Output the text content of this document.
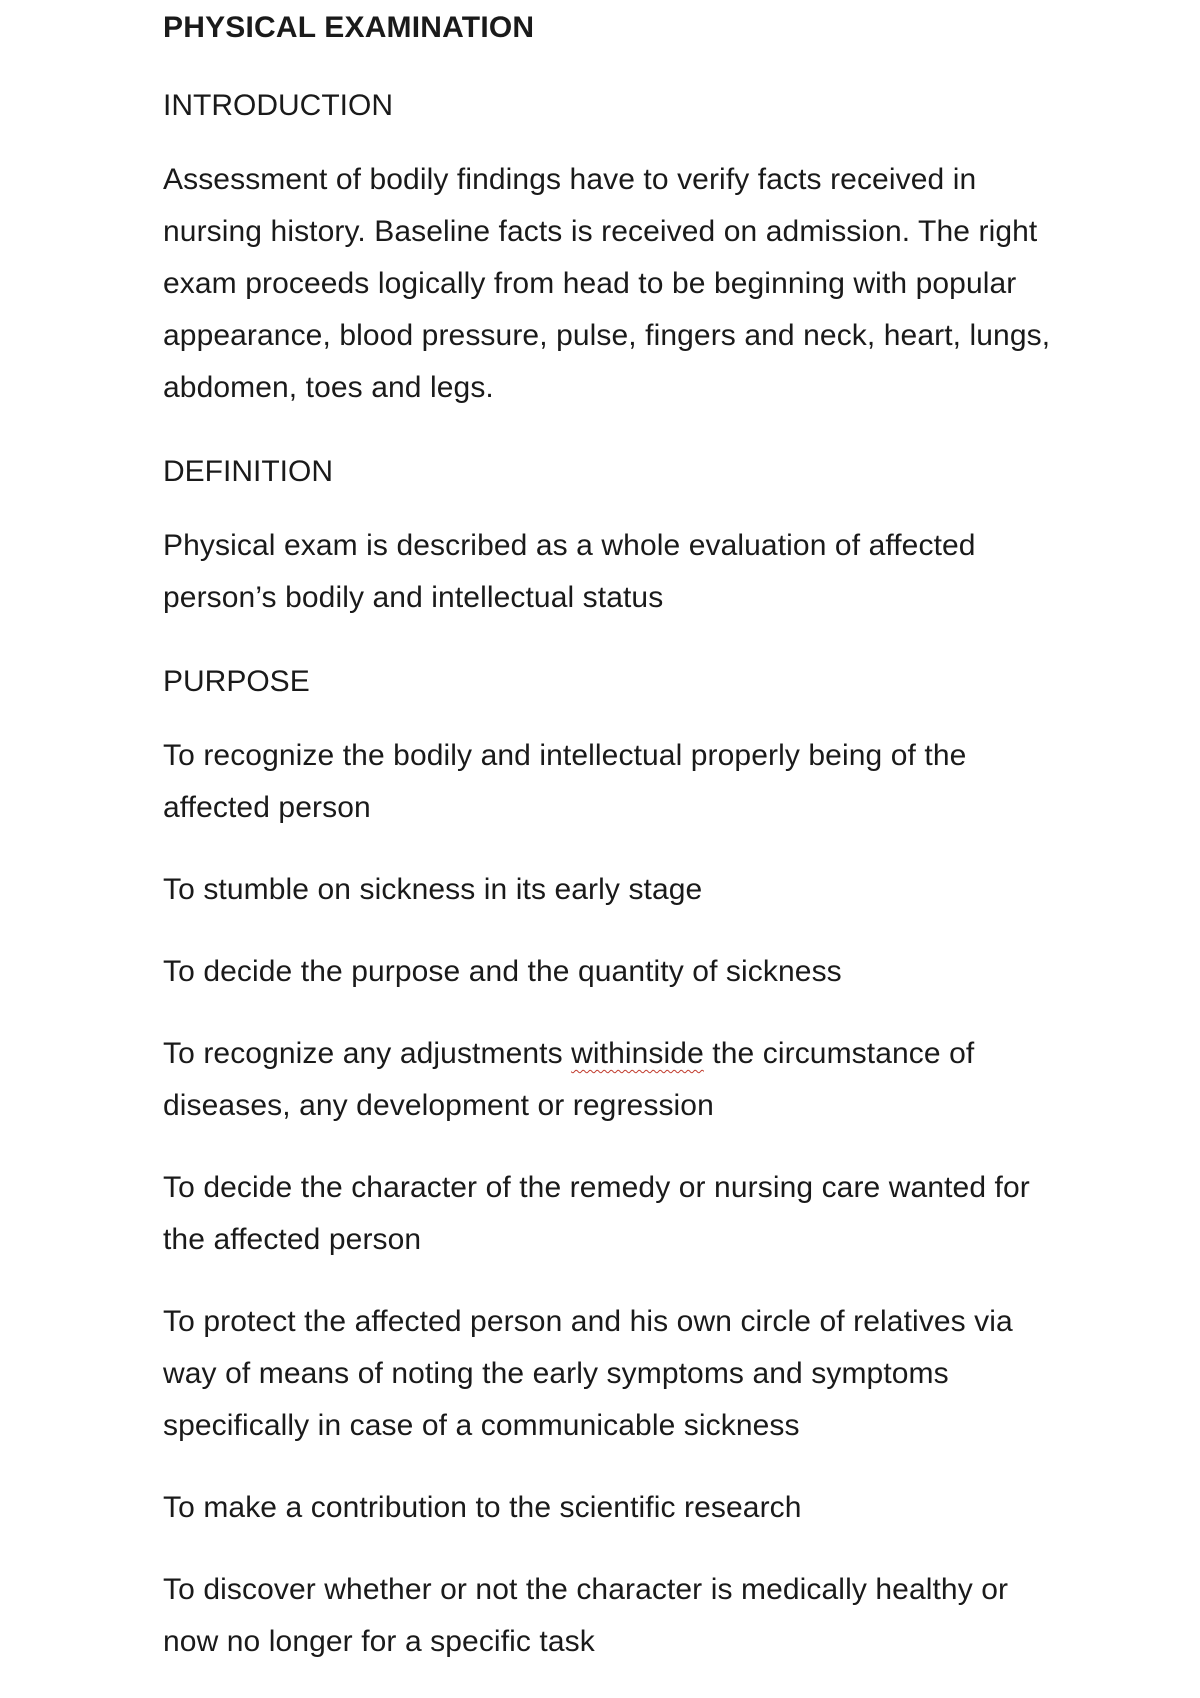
PHYSICAL EXAMINATION
INTRODUCTION

Assessment of bodily findings have to verify facts received in nursing history. Baseline facts is received on admission. The right exam proceeds logically from head to be beginning with popular appearance, blood pressure, pulse, fingers and neck, heart, lungs, abdomen, toes and legs.

DEFINITION

Physical exam is described as a whole evaluation of affected person’s bodily and intellectual status

PURPOSE

To recognize the bodily and intellectual properly being of the affected person

To stumble on sickness in its early stage

To decide the purpose and the quantity of sickness

To recognize any adjustments withinside the circumstance of diseases, any development or regression

To decide the character of the remedy or nursing care wanted for the affected person

To protect the affected person and his own circle of relatives via way of means of noting the early symptoms and symptoms specifically in case of a communicable sickness

To make a contribution to the scientific research

To discover whether or not the character is medically healthy or now no longer for a specific task
